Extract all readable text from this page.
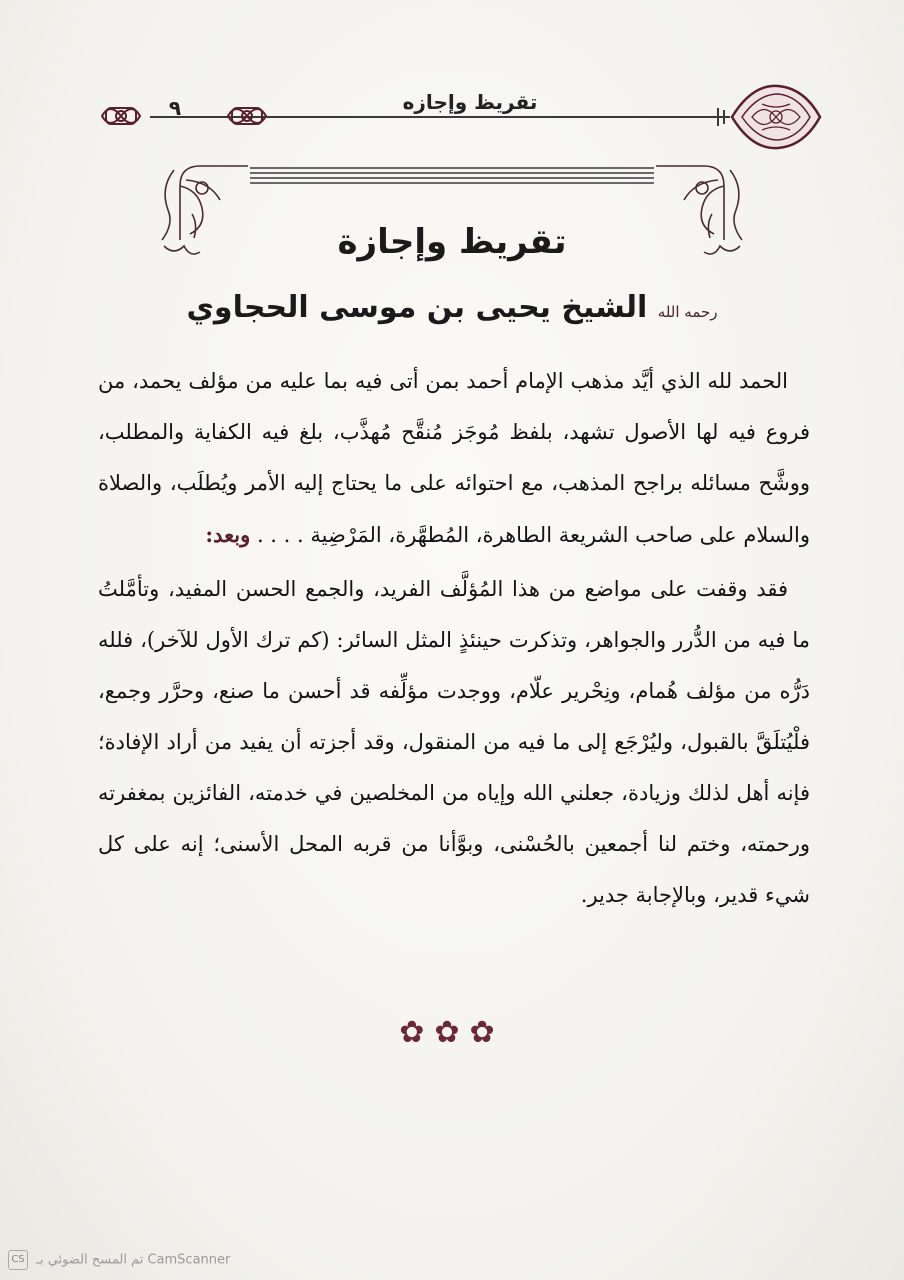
٩	تقريظ وإجازه
تقريظ وإجازة
رحمه الله الشيخ يحيى بن موسى الحجاوي

الحمد لله الذي أيَّد مذهب الإمام أحمد بمن أتى فيه بما عليه من مؤلف يحمد، من فروع فيه لها الأصول تشهد، بلفظ مُوجَز مُنقَّح مُهذَّب، بلغ فيه الكفاية والمطلب، ووشَّح مسائله براجح المذهب، مع احتوائه على ما يحتاج إليه الأمر ويُطلَب، والصلاة والسلام على صاحب الشريعة الطاهرة، المُطهَّرة، المَرْضِية . . . . وبعد:

فقد وقفت على مواضع من هذا المُؤلَّف الفريد، والجمع الحسن المفيد، وتأمَّلتُ ما فيه من الدُّرر والجواهر، وتذكرت حينئذٍ المثل السائر: (كم ترك الأول للآخر)، فلله دَرُّه من مؤلف هُمام، ونِحْرير علّام، ووجدت مؤلِّفه قد أحسن ما صنع، وحرَّر وجمع، فلْيُتلَقَّ بالقبول، وليُرْجَع إلى ما فيه من المنقول، وقد أجزته أن يفيد من أراد الإفادة؛ فإنه أهل لذلك وزيادة، جعلني الله وإياه من المخلصين في خدمته، الفائزين بمغفرته ورحمته، وختم لنا أجمعين بالحُسْنى، وبوَّأنا من قربه المحل الأسنى؛ إنه على كل شيء قدير، وبالإجابة جدير.

✿✿✿
CS تم المسح الضوئي بـ CamScanner
